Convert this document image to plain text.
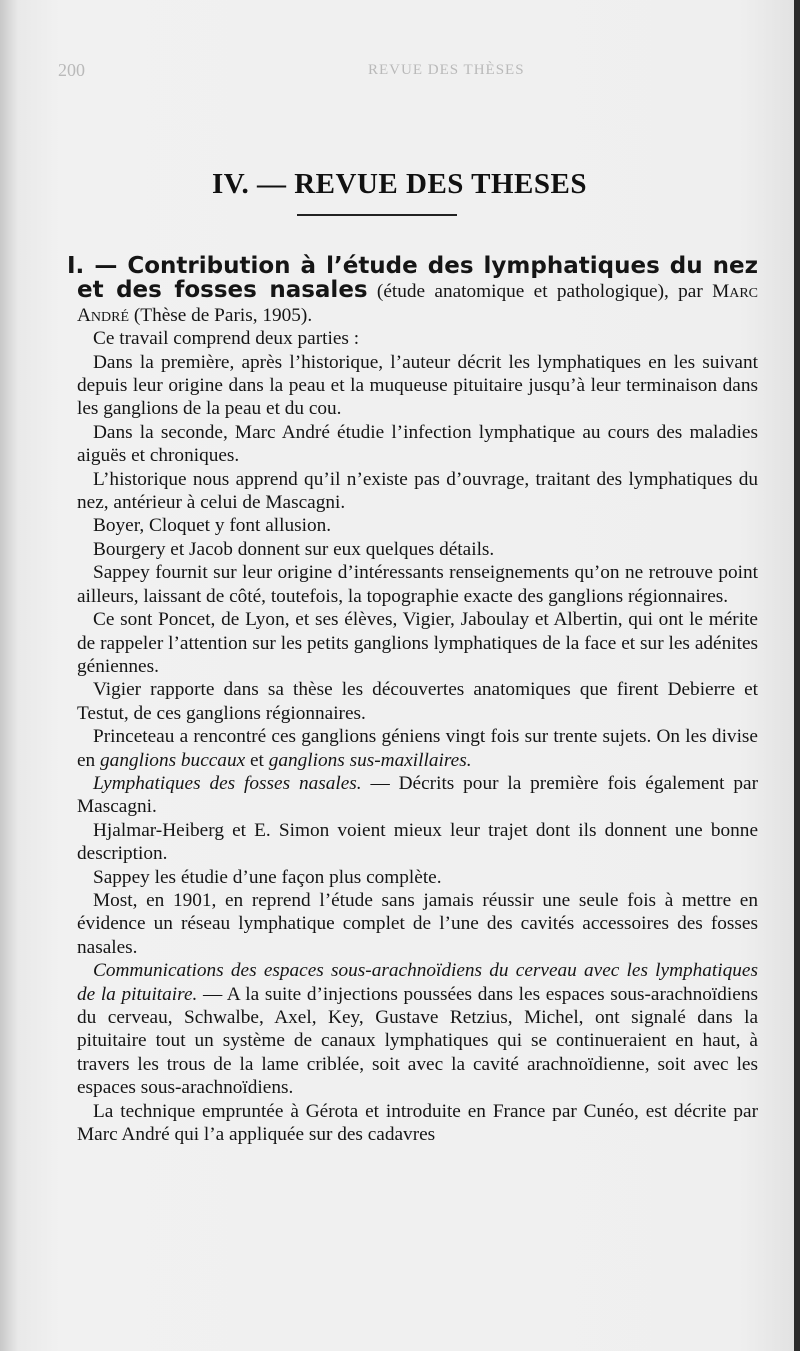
200	REVUE DES THÈSES
IV. — REVUE DES THESES

I. — Contribution à l’étude des lymphatiques du nez et des fosses nasales (étude anatomique et pathologique), par Marc André (Thèse de Paris, 1905).

Ce travail comprend deux parties :

Dans la première, après l’historique, l’auteur décrit les lymphatiques en les suivant depuis leur origine dans la peau et la muqueuse pituitaire jusqu’à leur terminaison dans les ganglions de la peau et du cou.

Dans la seconde, Marc André étudie l’infection lymphatique au cours des maladies aiguës et chroniques.

L’historique nous apprend qu’il n’existe pas d’ouvrage, traitant des lymphatiques du nez, antérieur à celui de Mascagni.

Boyer, Cloquet y font allusion.

Bourgery et Jacob donnent sur eux quelques détails.

Sappey fournit sur leur origine d’intéressants renseignements qu’on ne retrouve point ailleurs, laissant de côté, toutefois, la topographie exacte des ganglions régionnaires.

Ce sont Poncet, de Lyon, et ses élèves, Vigier, Jaboulay et Albertin, qui ont le mérite de rappeler l’attention sur les petits ganglions lymphatiques de la face et sur les adénites géniennes.

Vigier rapporte dans sa thèse les découvertes anatomiques que firent Debierre et Testut, de ces ganglions régionnaires.

Princeteau a rencontré ces ganglions géniens vingt fois sur trente sujets. On les divise en ganglions buccaux et ganglions sus-maxillaires.

Lymphatiques des fosses nasales. — Décrits pour la première fois également par Mascagni.

Hjalmar-Heiberg et E. Simon voient mieux leur trajet dont ils donnent une bonne description.

Sappey les étudie d’une façon plus complète.

Most, en 1901, en reprend l’étude sans jamais réussir une seule fois à mettre en évidence un réseau lymphatique complet de l’une des cavités accessoires des fosses nasales.

Communications des espaces sous-arachnoïdiens du cerveau avec les lymphatiques de la pituitaire. — A la suite d’injections poussées dans les espaces sous-arachnoïdiens du cerveau, Schwalbe, Axel, Key, Gustave Retzius, Michel, ont signalé dans la pituitaire tout un système de canaux lymphatiques qui se continueraient en haut, à travers les trous de la lame criblée, soit avec la cavité arachnoïdienne, soit avec les espaces sous-arachnoïdiens.

La technique empruntée à Gérota et introduite en France par Cunéo, est décrite par Marc André qui l’a appliquée sur des cadavres
